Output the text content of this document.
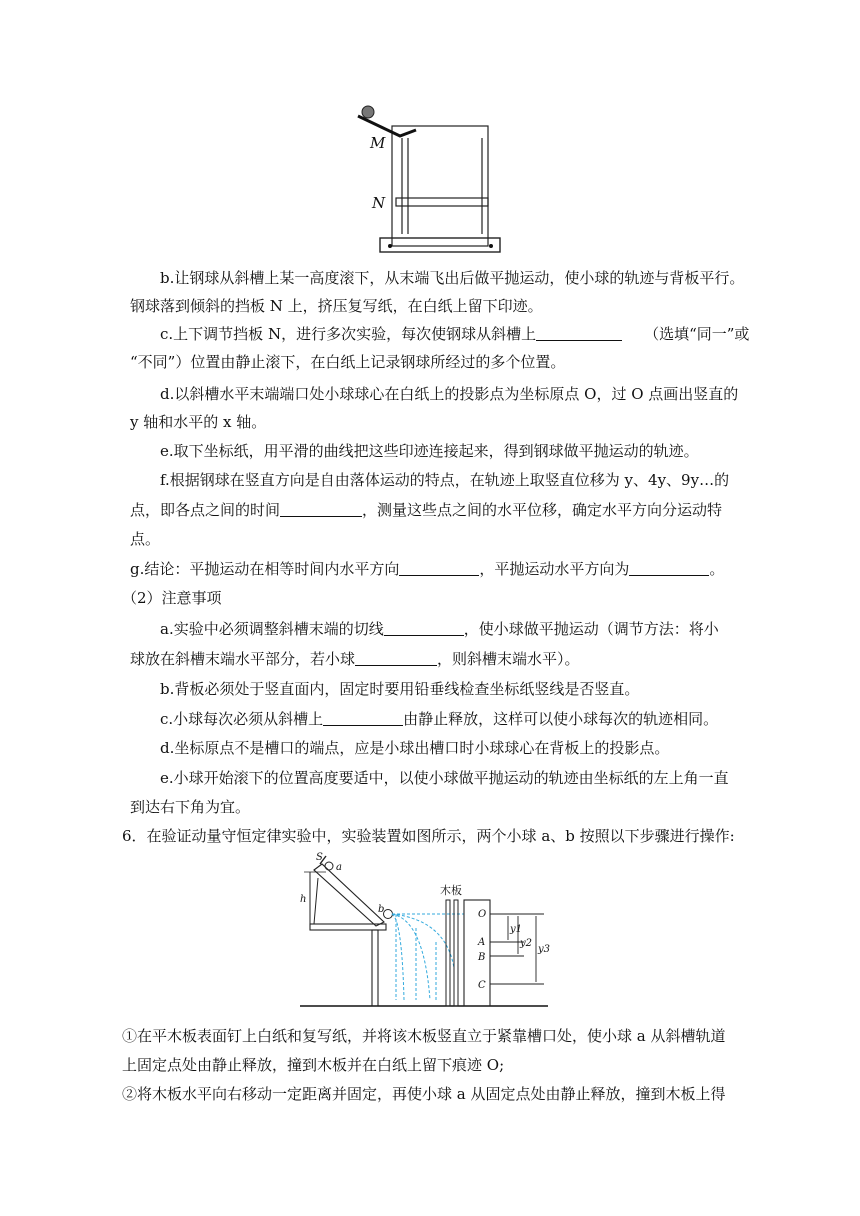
M
N
b.让钢球从斜槽上某一高度滚下，从末端飞出后做平抛运动，使小球的轨迹与背板平行。
钢球落到倾斜的挡板 N 上，挤压复写纸，在白纸上留下印迹。
c.上下调节挡板 N，进行多次实验，每次使钢球从斜槽上	（选填“同一”或
“不同”）位置由静止滚下，在白纸上记录钢球所经过的多个位置。
d.以斜槽水平末端端口处小球球心在白纸上的投影点为坐标原点 O，过 O 点画出竖直的
y 轴和水平的 x 轴。
e.取下坐标纸，用平滑的曲线把这些印迹连接起来，得到钢球做平抛运动的轨迹。
f.根据钢球在竖直方向是自由落体运动的特点，在轨迹上取竖直位移为 y、4y、9y…的
点，即各点之间的时间	，测量这些点之间的水平位移，确定水平方向分运动特
点。
g.结论：平抛运动在相等时间内水平方向	，平抛运动水平方向为	。
（2）注意事项
a.实验中必须调整斜槽末端的切线	，使小球做平抛运动（调节方法：将小
球放在斜槽末端水平部分，若小球	，则斜槽末端水平）。
b.背板必须处于竖直面内，固定时要用铅垂线检查坐标纸竖线是否竖直。
c.小球每次必须从斜槽上	由静止释放，这样可以使小球每次的轨迹相同。
d.坐标原点不是槽口的端点，应是小球出槽口时小球球心在背板上的投影点。
e.小球开始滚下的位置高度要适中，以使小球做平抛运动的轨迹由坐标纸的左上角一直
到达右下角为宜。
6．在验证动量守恒定律实验中，实验装置如图所示，两个小球 a、b 按照以下步骤进行操作:
S
a
h
b
木板
O
A
B
C
y1
y2
y3
①在平木板表面钉上白纸和复写纸，并将该木板竖直立于紧靠槽口处，使小球 a 从斜槽轨道
上固定点处由静止释放，撞到木板并在白纸上留下痕迹 O;
②将木板水平向右移动一定距离并固定，再使小球 a 从固定点处由静止释放，撞到木板上得
